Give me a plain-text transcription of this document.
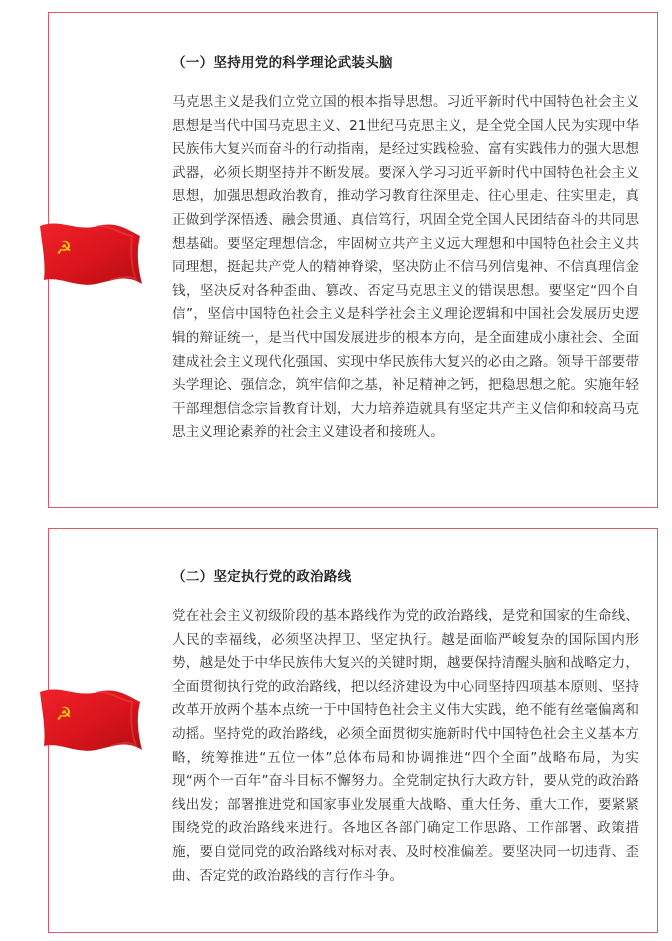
（一）坚持用党的科学理论武装头脑

马克思主义是我们立党立国的根本指导思想。习近平新时代中国特色社会主义思想是当代中国马克思主义、21世纪马克思主义，是全党全国人民为实现中华民族伟大复兴而奋斗的行动指南，是经过实践检验、富有实践伟力的强大思想武器，必须长期坚持并不断发展。要深入学习习近平新时代中国特色社会主义思想，加强思想政治教育，推动学习教育往深里走、往心里走、往实里走，真正做到学深悟透、融会贯通、真信笃行，巩固全党全国人民团结奋斗的共同思想基础。要坚定理想信念，牢固树立共产主义远大理想和中国特色社会主义共同理想，挺起共产党人的精神脊梁，坚决防止不信马列信鬼神、不信真理信金钱，坚决反对各种歪曲、篡改、否定马克思主义的错误思想。要坚定“四个自信”，坚信中国特色社会主义是科学社会主义理论逻辑和中国社会发展历史逻辑的辩证统一，是当代中国发展进步的根本方向，是全面建成小康社会、全面建成社会主义现代化强国、实现中华民族伟大复兴的必由之路。领导干部要带头学理论、强信念，筑牢信仰之基，补足精神之钙，把稳思想之舵。实施年轻干部理想信念宗旨教育计划，大力培养造就具有坚定共产主义信仰和较高马克思主义理论素养的社会主义建设者和接班人。

（二）坚定执行党的政治路线

党在社会主义初级阶段的基本路线作为党的政治路线，是党和国家的生命线、人民的幸福线，必须坚决捍卫、坚定执行。越是面临严峻复杂的国际国内形势，越是处于中华民族伟大复兴的关键时期，越要保持清醒头脑和战略定力，全面贯彻执行党的政治路线，把以经济建设为中心同坚持四项基本原则、坚持改革开放两个基本点统一于中国特色社会主义伟大实践，绝不能有丝毫偏离和动摇。坚持党的政治路线，必须全面贯彻实施新时代中国特色社会主义基本方略，统筹推进“五位一体”总体布局和协调推进“四个全面”战略布局，为实现“两个一百年”奋斗目标不懈努力。全党制定执行大政方针，要从党的政治路线出发；部署推进党和国家事业发展重大战略、重大任务、重大工作，要紧紧围绕党的政治路线来进行。各地区各部门确定工作思路、工作部署、政策措施，要自觉同党的政治路线对标对表、及时校准偏差。要坚决同一切违背、歪曲、否定党的政治路线的言行作斗争。

☭
☭
